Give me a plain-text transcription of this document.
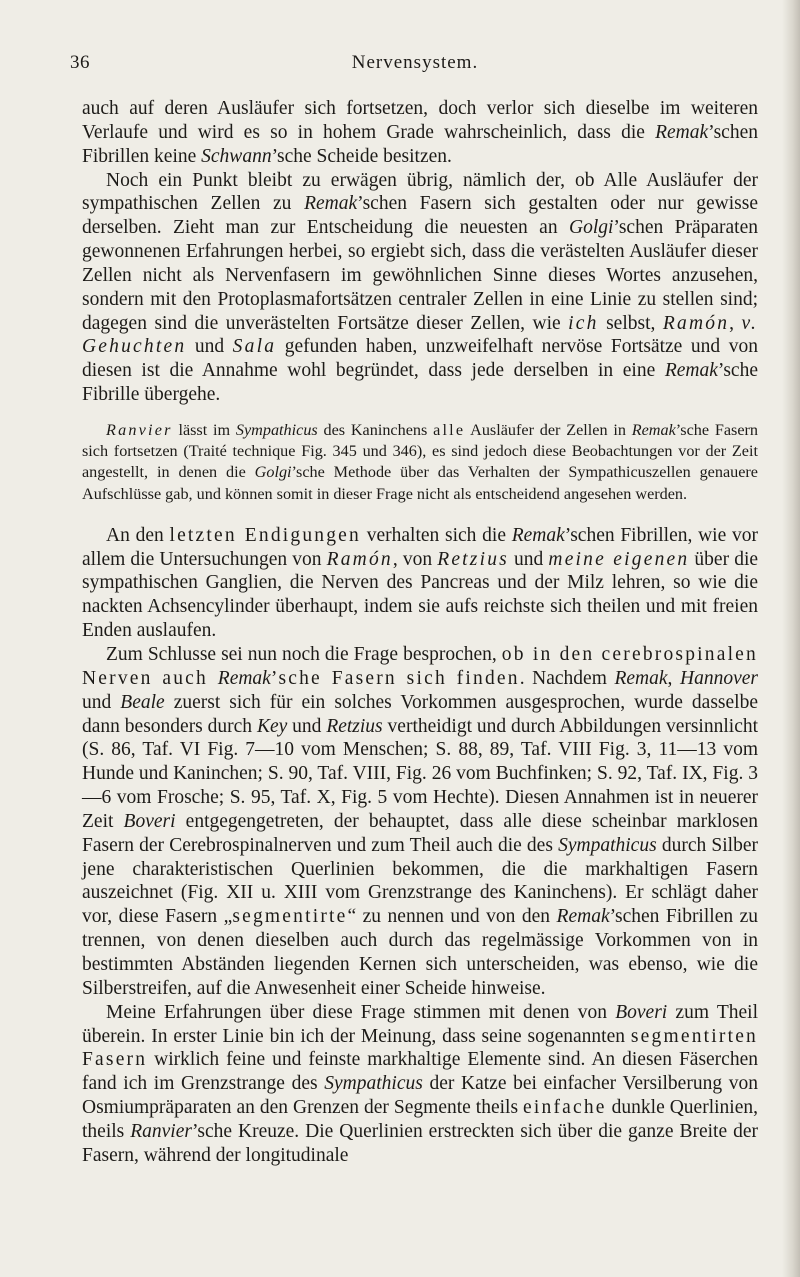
36	Nervensystem.

auch auf deren Ausläufer sich fortsetzen, doch verlor sich dieselbe im weiteren Verlaufe und wird es so in hohem Grade wahrscheinlich, dass die Remak’schen Fibrillen keine Schwann’sche Scheide besitzen.

Noch ein Punkt bleibt zu erwägen übrig, nämlich der, ob Alle Ausläufer der sympathischen Zellen zu Remak’schen Fasern sich gestalten oder nur gewisse derselben. Zieht man zur Entscheidung die neuesten an Golgi’schen Präparaten gewonnenen Erfahrungen herbei, so ergiebt sich, dass die verästelten Ausläufer dieser Zellen nicht als Nervenfasern im gewöhnlichen Sinne dieses Wortes anzusehen, sondern mit den Protoplasmafortsätzen centraler Zellen in eine Linie zu stellen sind; dagegen sind die unverästelten Fortsätze dieser Zellen, wie ich selbst, Ramón, v. Gehuchten und Sala gefunden haben, unzweifelhaft nervöse Fortsätze und von diesen ist die Annahme wohl begründet, dass jede derselben in eine Remak’sche Fibrille übergehe.

Ranvier lässt im Sympathicus des Kaninchens alle Ausläufer der Zellen in Remak’sche Fasern sich fortsetzen (Traité technique Fig. 345 und 346), es sind jedoch diese Beobachtungen vor der Zeit angestellt, in denen die Golgi’sche Methode über das Verhalten der Sympathicuszellen genauere Aufschlüsse gab, und können somit in dieser Frage nicht als entscheidend angesehen werden.

An den letzten Endigungen verhalten sich die Remak’schen Fibrillen, wie vor allem die Untersuchungen von Ramón, von Retzius und meine eigenen über die sympathischen Ganglien, die Nerven des Pancreas und der Milz lehren, so wie die nackten Achsencylinder überhaupt, indem sie aufs reichste sich theilen und mit freien Enden auslaufen.

Zum Schlusse sei nun noch die Frage besprochen, ob in den cerebrospinalen Nerven auch Remak’sche Fasern sich finden. Nachdem Remak, Hannover und Beale zuerst sich für ein solches Vorkommen ausgesprochen, wurde dasselbe dann besonders durch Key und Retzius vertheidigt und durch Abbildungen versinnlicht (S. 86, Taf. VI Fig. 7—10 vom Menschen; S. 88, 89, Taf. VIII Fig. 3, 11—13 vom Hunde und Kaninchen; S. 90, Taf. VIII, Fig. 26 vom Buchfinken; S. 92, Taf. IX, Fig. 3—6 vom Frosche; S. 95, Taf. X, Fig. 5 vom Hechte). Diesen Annahmen ist in neuerer Zeit Boveri entgegengetreten, der behauptet, dass alle diese scheinbar marklosen Fasern der Cerebrospinalnerven und zum Theil auch die des Sympathicus durch Silber jene charakteristischen Querlinien bekommen, die die markhaltigen Fasern auszeichnet (Fig. XII u. XIII vom Grenzstrange des Kaninchens). Er schlägt daher vor, diese Fasern „segmentirte“ zu nennen und von den Remak’schen Fibrillen zu trennen, von denen dieselben auch durch das regelmässige Vorkommen von in bestimmten Abständen liegenden Kernen sich unterscheiden, was ebenso, wie die Silberstreifen, auf die Anwesenheit einer Scheide hinweise.

Meine Erfahrungen über diese Frage stimmen mit denen von Boveri zum Theil überein. In erster Linie bin ich der Meinung, dass seine sogenannten segmentirten Fasern wirklich feine und feinste markhaltige Elemente sind. An diesen Fäserchen fand ich im Grenzstrange des Sympathicus der Katze bei einfacher Versilberung von Osmiumpräparaten an den Grenzen der Segmente theils einfache dunkle Querlinien, theils Ranvier’sche Kreuze. Die Querlinien erstreckten sich über die ganze Breite der Fasern, während der longitudinale
